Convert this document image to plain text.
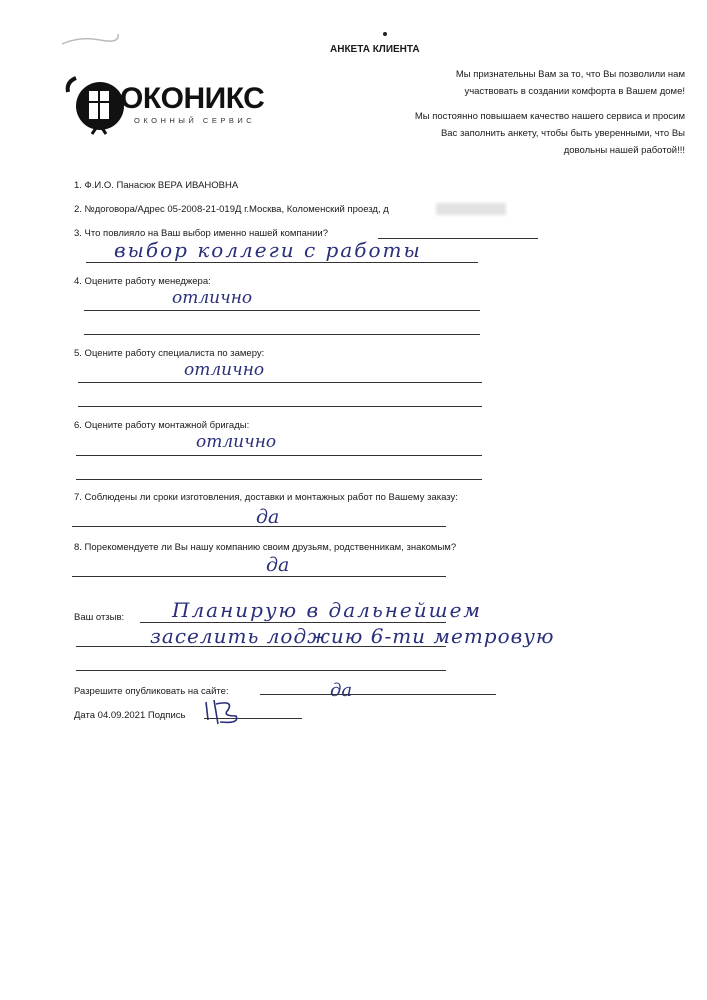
АНКЕТА КЛИЕНТА
ОКОНИКС
ОКОННЫЙ СЕРВИС
Мы признательны Вам за то, что Вы позволили нам
участвовать в создании комфорта в Вашем доме!
Мы постоянно повышаем качество нашего сервиса и просим
Вас заполнить анкету, чтобы быть уверенными, что Вы
довольны нашей работой!!!
1. Ф.И.О. Панасюк ВЕРА ИВАНОВНА
2. №договора/Адрес 05-2008-21-019Д г.Москва, Коломенский проезд, д
3. Что повлияло на Ваш выбор именно нашей компании?
выбор коллеги с работы
4. Оцените работу менеджера:
отлично
5. Оцените работу специалиста по замеру:
отлично
6. Оцените работу монтажной бригады:
отлично
7. Соблюдены ли сроки изготовления, доставки и монтажных работ по Вашему заказу:
да
8. Порекомендуете ли Вы нашу компанию своим друзьям, родственникам, знакомым?
да
Ваш отзыв: Планирую в дальнейшем
заселить лоджию 6-ти метровую
Разрешите опубликовать на сайте:	да
Дата 04.09.2021 Подпись
